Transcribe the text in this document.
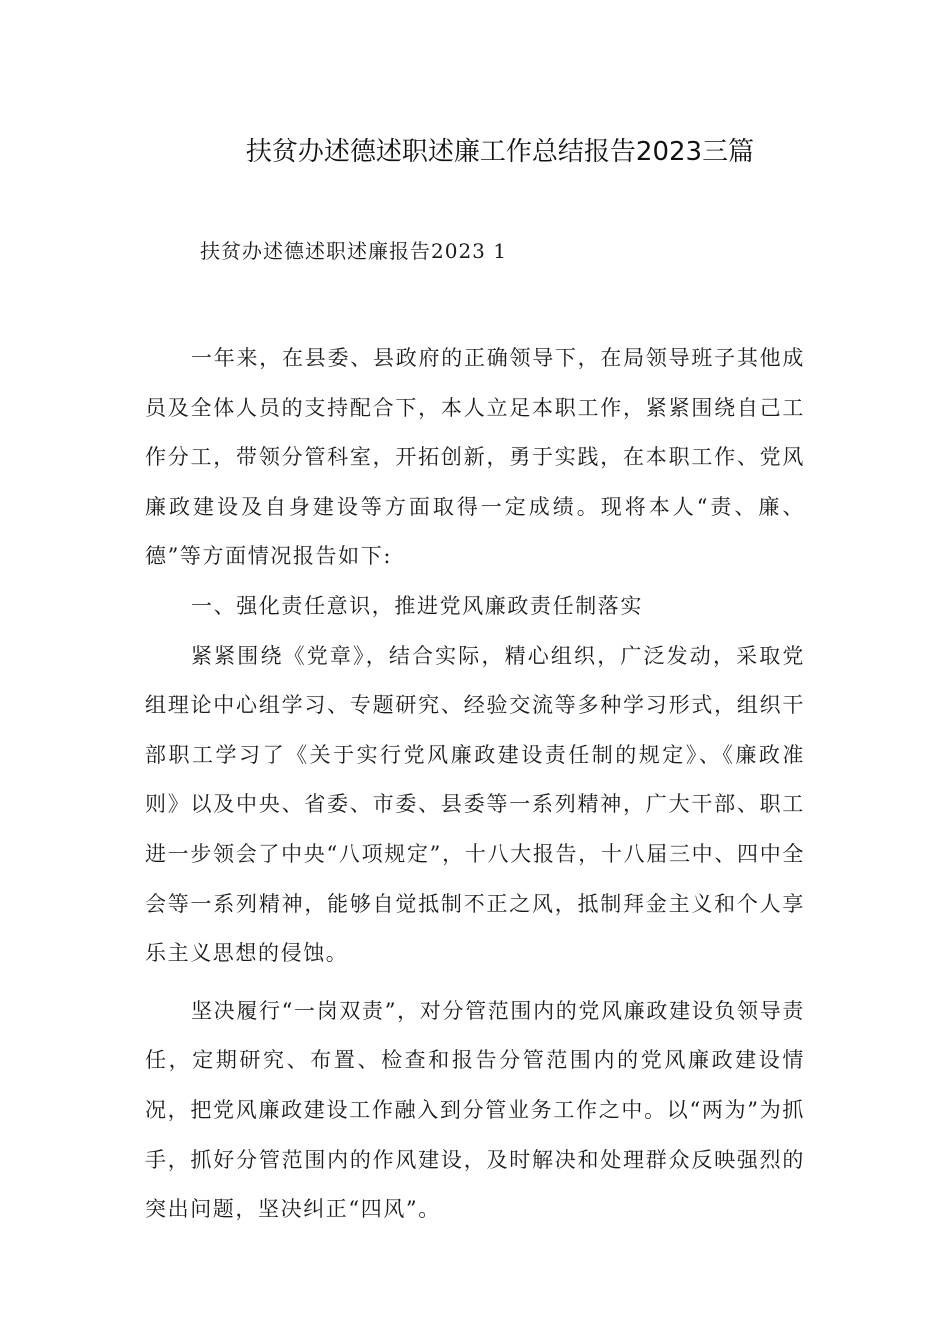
扶贫办述德述职述廉工作总结报告2023三篇

扶贫办述德述职述廉报告2023 1

一年来，在县委、县政府的正确领导下，在局领导班子其他成员及全体人员的支持配合下，本人立足本职工作，紧紧围绕自己工作分工，带领分管科室，开拓创新，勇于实践，在本职工作、党风廉政建设及自身建设等方面取得一定成绩。现将本人“责、廉、德”等方面情况报告如下:

一、强化责任意识，推进党风廉政责任制落实

紧紧围绕《党章》，结合实际，精心组织，广泛发动，采取党组理论中心组学习、专题研究、经验交流等多种学习形式，组织干部职工学习了《关于实行党风廉政建设责任制的规定》、《廉政准则》以及中央、省委、市委、县委等一系列精神，广大干部、职工进一步领会了中央“八项规定”，十八大报告，十八届三中、四中全会等一系列精神，能够自觉抵制不正之风，抵制拜金主义和个人享乐主义思想的侵蚀。

坚决履行“一岗双责”，对分管范围内的党风廉政建设负领导责任，定期研究、布置、检查和报告分管范围内的党风廉政建设情况，把党风廉政建设工作融入到分管业务工作之中。以“两为”为抓手，抓好分管范围内的作风建设，及时解决和处理群众反映强烈的突出问题，坚决纠正“四风”。
